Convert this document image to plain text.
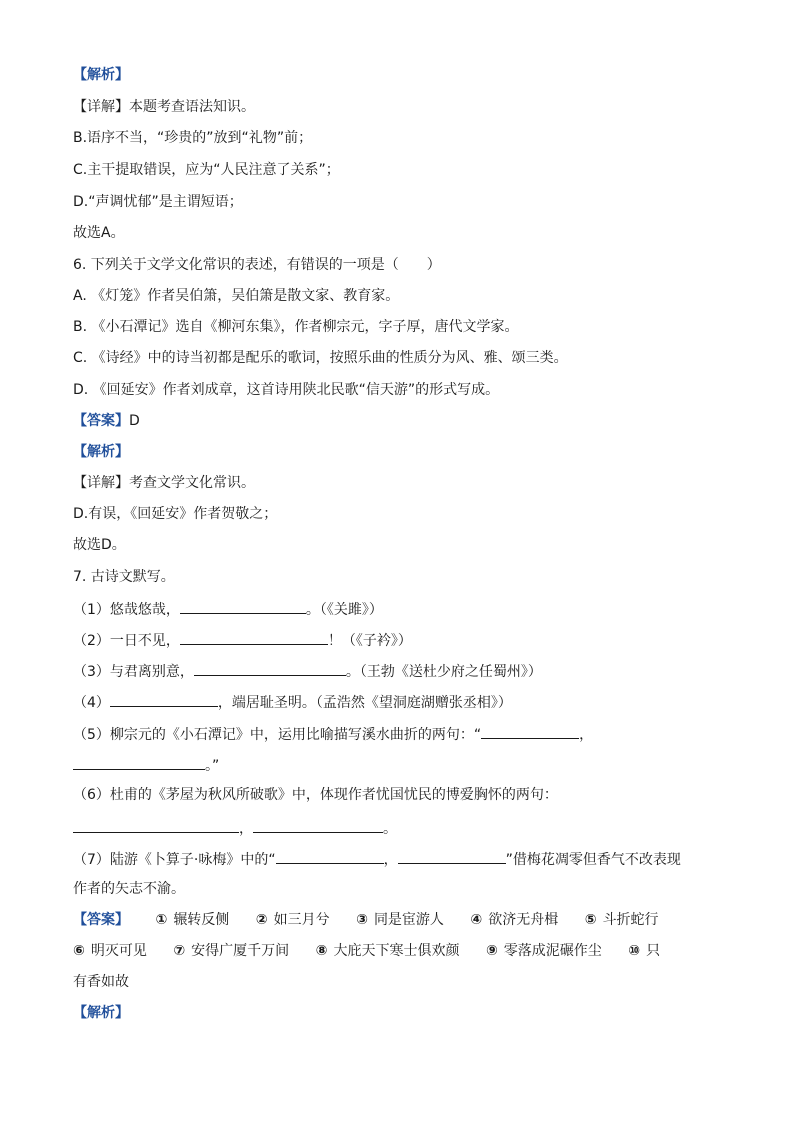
【解析】
【详解】本题考查语法知识。
B.语序不当，“珍贵的”放到“礼物”前；
C.主干提取错误，应为“人民注意了关系”；
D.“声调忧郁”是主谓短语；
故选A。
6. 下列关于文学文化常识的表述，有错误的一项是（　　）
A. 《灯笼》作者吴伯箫，吴伯箫是散文家、教育家。
B. 《小石潭记》选自《柳河东集》，作者柳宗元，字子厚，唐代文学家。
C. 《诗经》中的诗当初都是配乐的歌词，按照乐曲的性质分为风、雅、颂三类。
D. 《回延安》作者刘成章，这首诗用陕北民歌“信天游”的形式写成。
【答案】D
【解析】
【详解】考查文学文化常识。
D.有误，《回延安》作者贺敬之；
故选D。
7. 古诗文默写。
（1）悠哉悠哉，	。（《关雎》）
（2）一日不见，	！（《子衿》）
（3）与君离别意，	。（王勃《送杜少府之任蜀州》）
（4）	，端居耻圣明。（孟浩然《望洞庭湖赠张丞相》）
（5）柳宗元的《小石潭记》中，运用比喻描写溪水曲折的两句：“	，
。”
（6）杜甫的《茅屋为秋风所破歌》中，体现作者忧国忧民的博爱胸怀的两句：
，	。
（7）陆游《卜算子·咏梅》中的“	，	”借梅花凋零但香气不改表现
作者的矢志不渝。
【答案】 ① 辗转反侧 ② 如三月兮 ③ 同是宦游人 ④ 欲济无舟楫 ⑤ 斗折蛇行
⑥ 明灭可见 ⑦ 安得广厦千万间 ⑧ 大庇天下寒士俱欢颜 ⑨ 零落成泥碾作尘 ⑩ 只
有香如故
【解析】
